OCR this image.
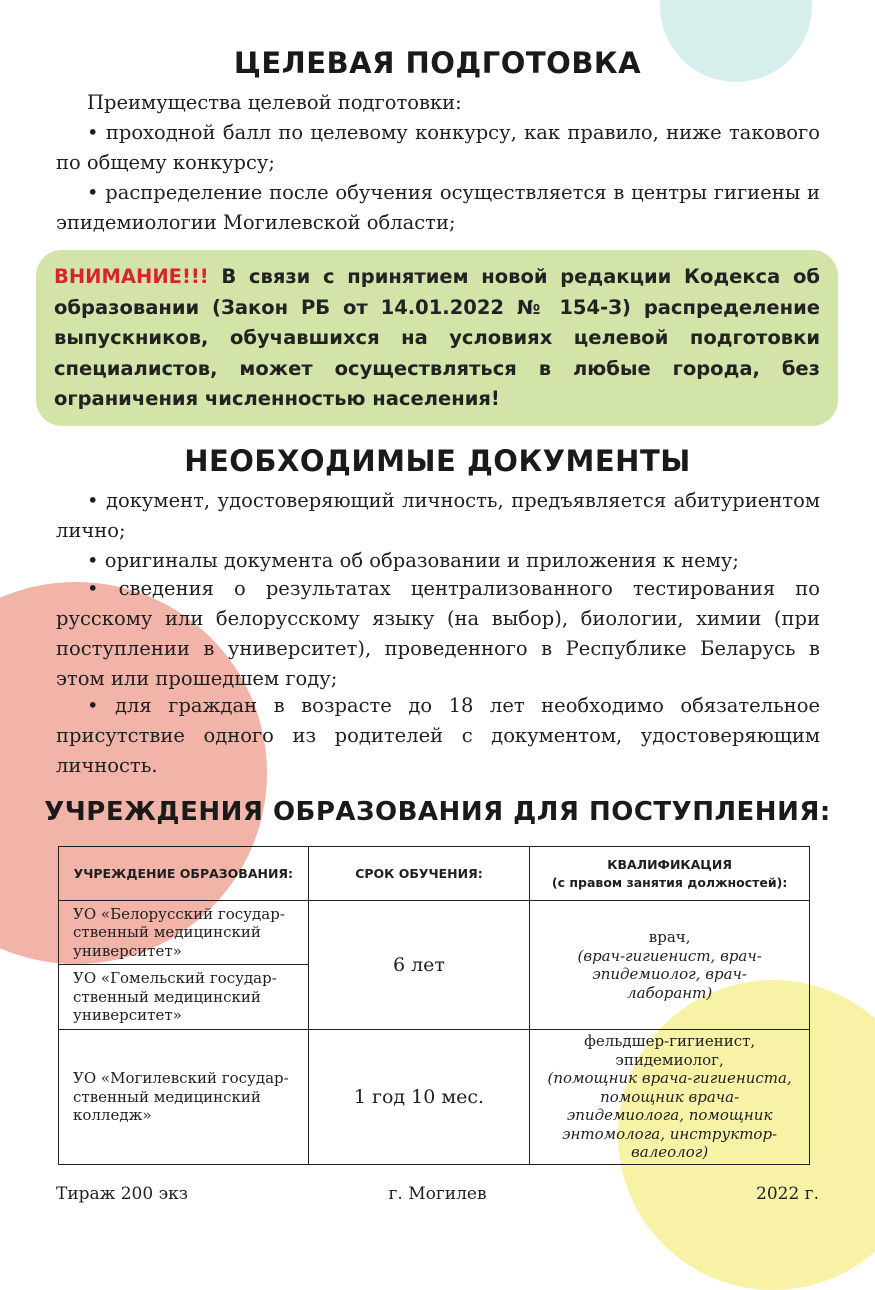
ЦЕЛЕВАЯ ПОДГОТОВКА

Преимущества целевой подготовки:

• проходной балл по целевому конкурсу, как правило, ниже такового по общему конкурсу;

• распределение после обучения осуществляется в центры гигиены и эпидемиологии Могилевской области;

ВНИМАНИЕ!!! В связи с принятием новой редакции Кодекса об образовании (Закон РБ от 14.01.2022 № 154-З) распределение выпускников, обучавшихся на условиях целевой подготовки специалистов, может осуществляться в любые города, без ограничения численностью населения!

НЕОБХОДИМЫЕ ДОКУМЕНТЫ

• документ, удостоверяющий личность, предъявляется абитуриентом лично;

• оригиналы документа об образовании и приложения к нему;

• сведения о результатах централизованного тестирования по русскому или белорусскому языку (на выбор), биологии, химии (при поступлении в университет), проведенного в Республике Беларусь в этом или прошедшем году;

• для граждан в возрасте до 18 лет необходимо обязательное присутствие одного из родителей с документом, удостоверяющим личность.

УЧРЕЖДЕНИЯ ОБРАЗОВАНИЯ ДЛЯ ПОСТУПЛЕНИЯ:
УЧРЕЖДЕНИЕ ОБРАЗОВАНИЯ:	СРОК ОБУЧЕНИЯ:	КВАЛИФИКАЦИЯ
(с правом занятия должностей):

УО «Белорусский государственный медицинский университет»	6 лет	врач,
(врач-гигиенист, врач-эпидемиолог, врач-лаборант)

УО «Гомельский государственный медицинский университет»		
УО «Могилевский государственный медицинский колледж»	1 год 10 мес.	фельдшер-гигиенист, эпидемиолог,
(помощник врача-гигиениста, помощник врача-эпидемиолога, помощник энтомолога, инструктор-валеолог)
Тираж 200 экз	г. Могилев	2022 г.
